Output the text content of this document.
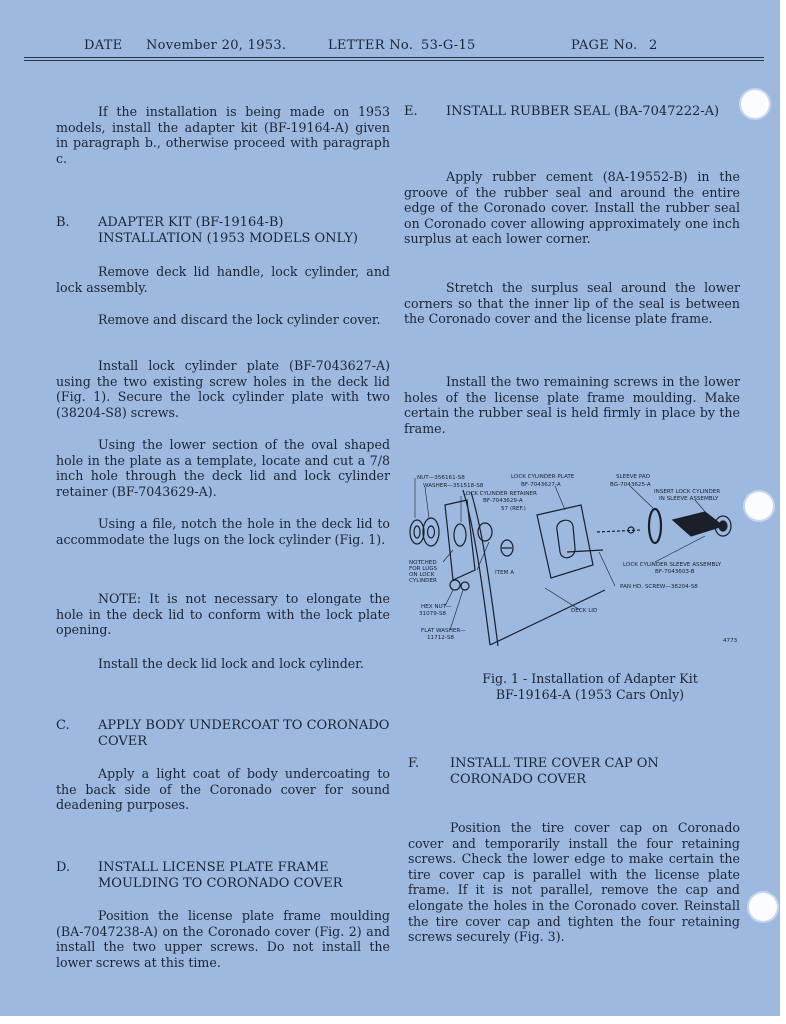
DATE November 20, 1953.	LETTER No. 53-G-15	PAGE No. 2

If the installation is being made on 1953 models, install the adapter kit (BF-19164-A) given in paragraph b., otherwise proceed with paragraph c.

B.	ADAPTER KIT (BF-19164-B) INSTALLATION (1953 MODELS ONLY)

Remove deck lid handle, lock cylinder, and lock assembly.

Remove and discard the lock cylinder cover.

Install lock cylinder plate (BF-7043627-A) using the two existing screw holes in the deck lid (Fig. 1). Secure the lock cylinder plate with two (38204-S8) screws.

Using the lower section of the oval shaped hole in the plate as a template, locate and cut a 7/8 inch hole through the deck lid and lock cylinder retainer (BF-7043629-A).

Using a file, notch the hole in the deck lid to accommodate the lugs on the lock cylinder (Fig. 1).

NOTE: It is not necessary to elongate the hole in the deck lid to conform with the lock plate opening.

Install the deck lid lock and lock cylinder.

C.	APPLY BODY UNDERCOAT TO CORONADO COVER

Apply a light coat of body undercoating to the back side of the Coronado cover for sound deadening purposes.

D.	INSTALL LICENSE PLATE FRAME MOULDING TO CORONADO COVER

Position the license plate frame moulding (BA-7047238-A) on the Coronado cover (Fig. 2) and install the two upper screws. Do not install the lower screws at this time.

E.	INSTALL RUBBER SEAL (BA-7047222-A)

Apply rubber cement (8A-19552-B) in the groove of the rubber seal and around the entire edge of the Coronado cover. Install the rubber seal on Coronado cover allowing approximately one inch surplus at each lower corner.

Stretch the surplus seal around the lower corners so that the inner lip of the seal is between the Coronado cover and the license plate frame.

Install the two remaining screws in the lower holes of the license plate frame moulding. Make certain the rubber seal is held firmly in place by the frame.

NUT—356161-S8
WASHER—351518-S8
LOCK CYLINDER RETAINER
BF-7043629-A
57 (REF.)
LOCK CYLINDER PLATE
BF-7043627-A
SLEEVE PAD
BG-7043625-A
INSERT LOCK CYLINDER
IN SLEEVE ASSEMBLY
NOTCHED
FOR LUGS
ON LOCK
CYLINDER
ITEM A
LOCK CYLINDER SLEEVE ASSEMBLY
BF-7043603-B
PAN HD. SCREW—38204-S8
HEX NUT—
31079-S8
FLAT WASHER—
11712-S8
DECK LID
4773
Fig. 1 - Installation of Adapter Kit
BF-19164-A (1953 Cars Only)
F.	INSTALL TIRE COVER CAP ON CORONADO COVER

Position the tire cover cap on Coronado cover and temporarily install the four retaining screws. Check the lower edge to make certain the tire cover cap is parallel with the license plate frame. If it is not parallel, remove the cap and elongate the holes in the Coronado cover. Reinstall the tire cover cap and tighten the four retaining screws securely (Fig. 3).
